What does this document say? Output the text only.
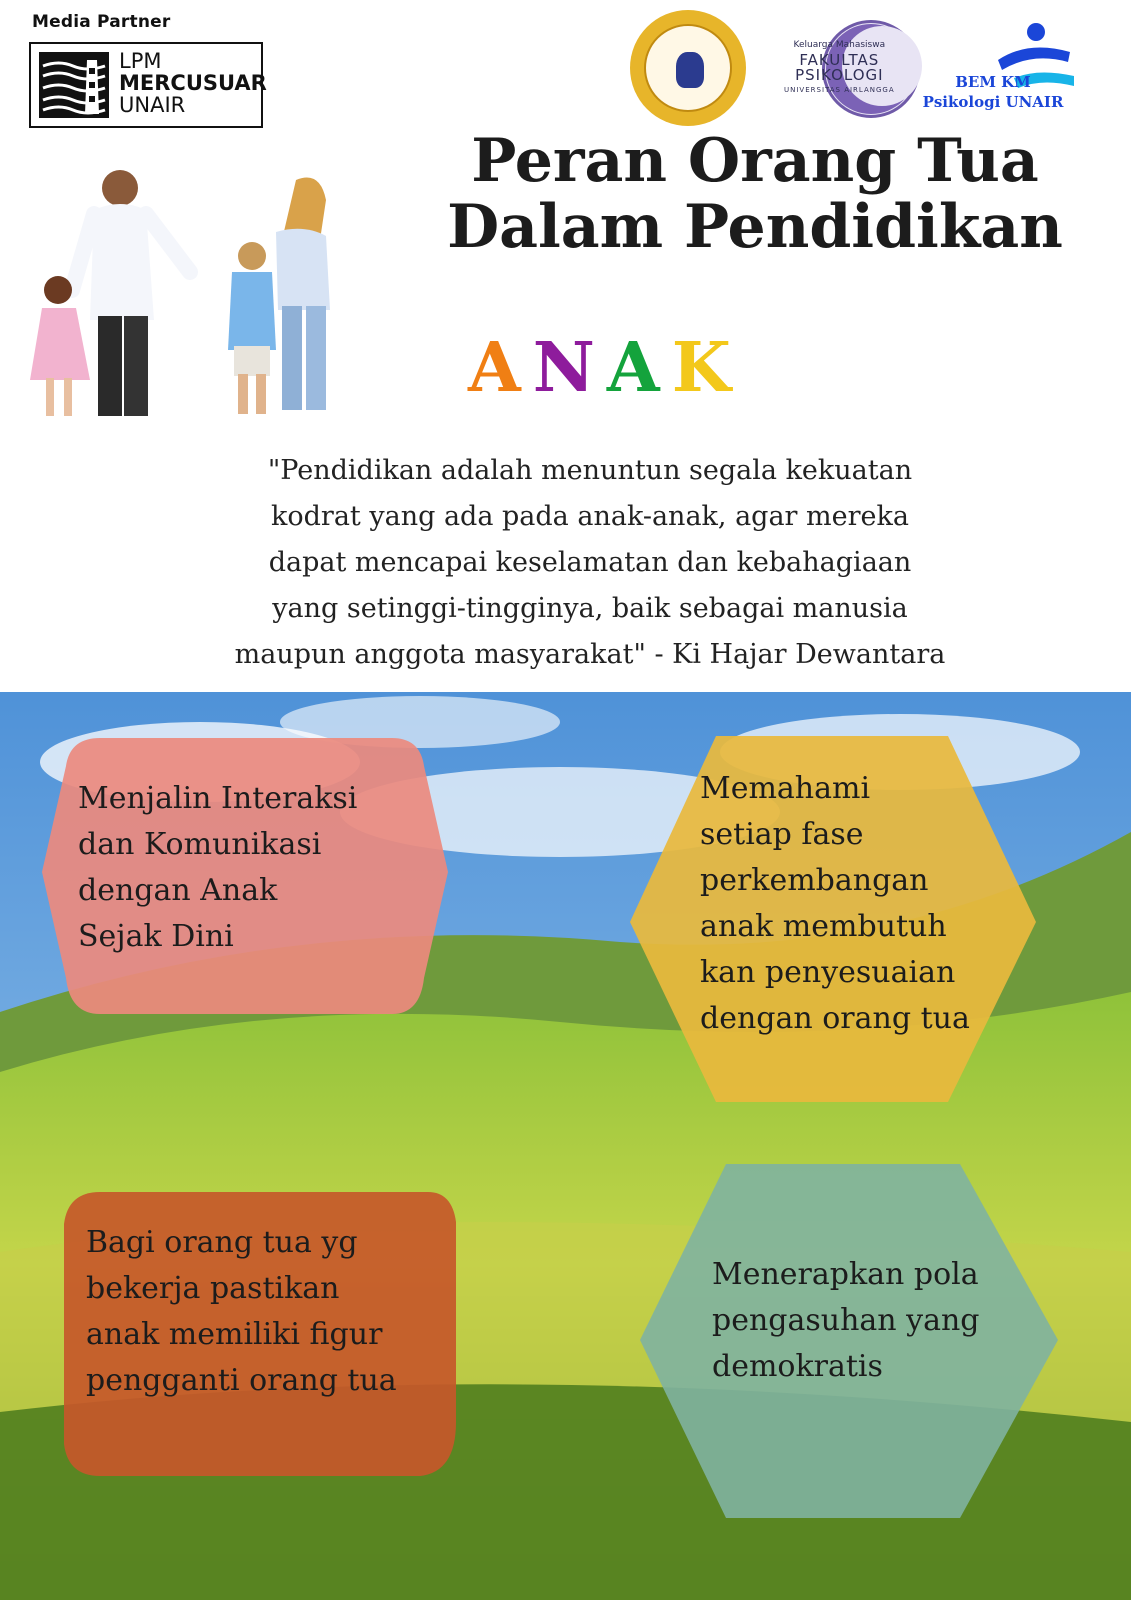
Media Partner
LPM
MERCUSUAR
UNAIR
Keluarga Mahasiswa
FAKULTAS
PSIKOLOGI
UNIVERSITAS AIRLANGGA	BEM KM
Psikologi UNAIR
Peran Orang Tua
Dalam Pendidikan
ANAK
"Pendidikan adalah menuntun segala kekuatan
kodrat yang ada pada anak-anak, agar mereka
dapat mencapai keselamatan dan kebahagiaan
yang setinggi-tingginya, baik sebagai manusia
maupun anggota masyarakat" - Ki Hajar Dewantara
Menjalin Interaksi
dan Komunikasi
dengan Anak
Sejak Dini
Memahami
setiap fase
perkembangan
anak membutuh
kan penyesuaian
dengan orang tua
Bagi orang tua yg
bekerja pastikan
anak memiliki figur
pengganti orang tua
Menerapkan pola
pengasuhan yang
demokratis
